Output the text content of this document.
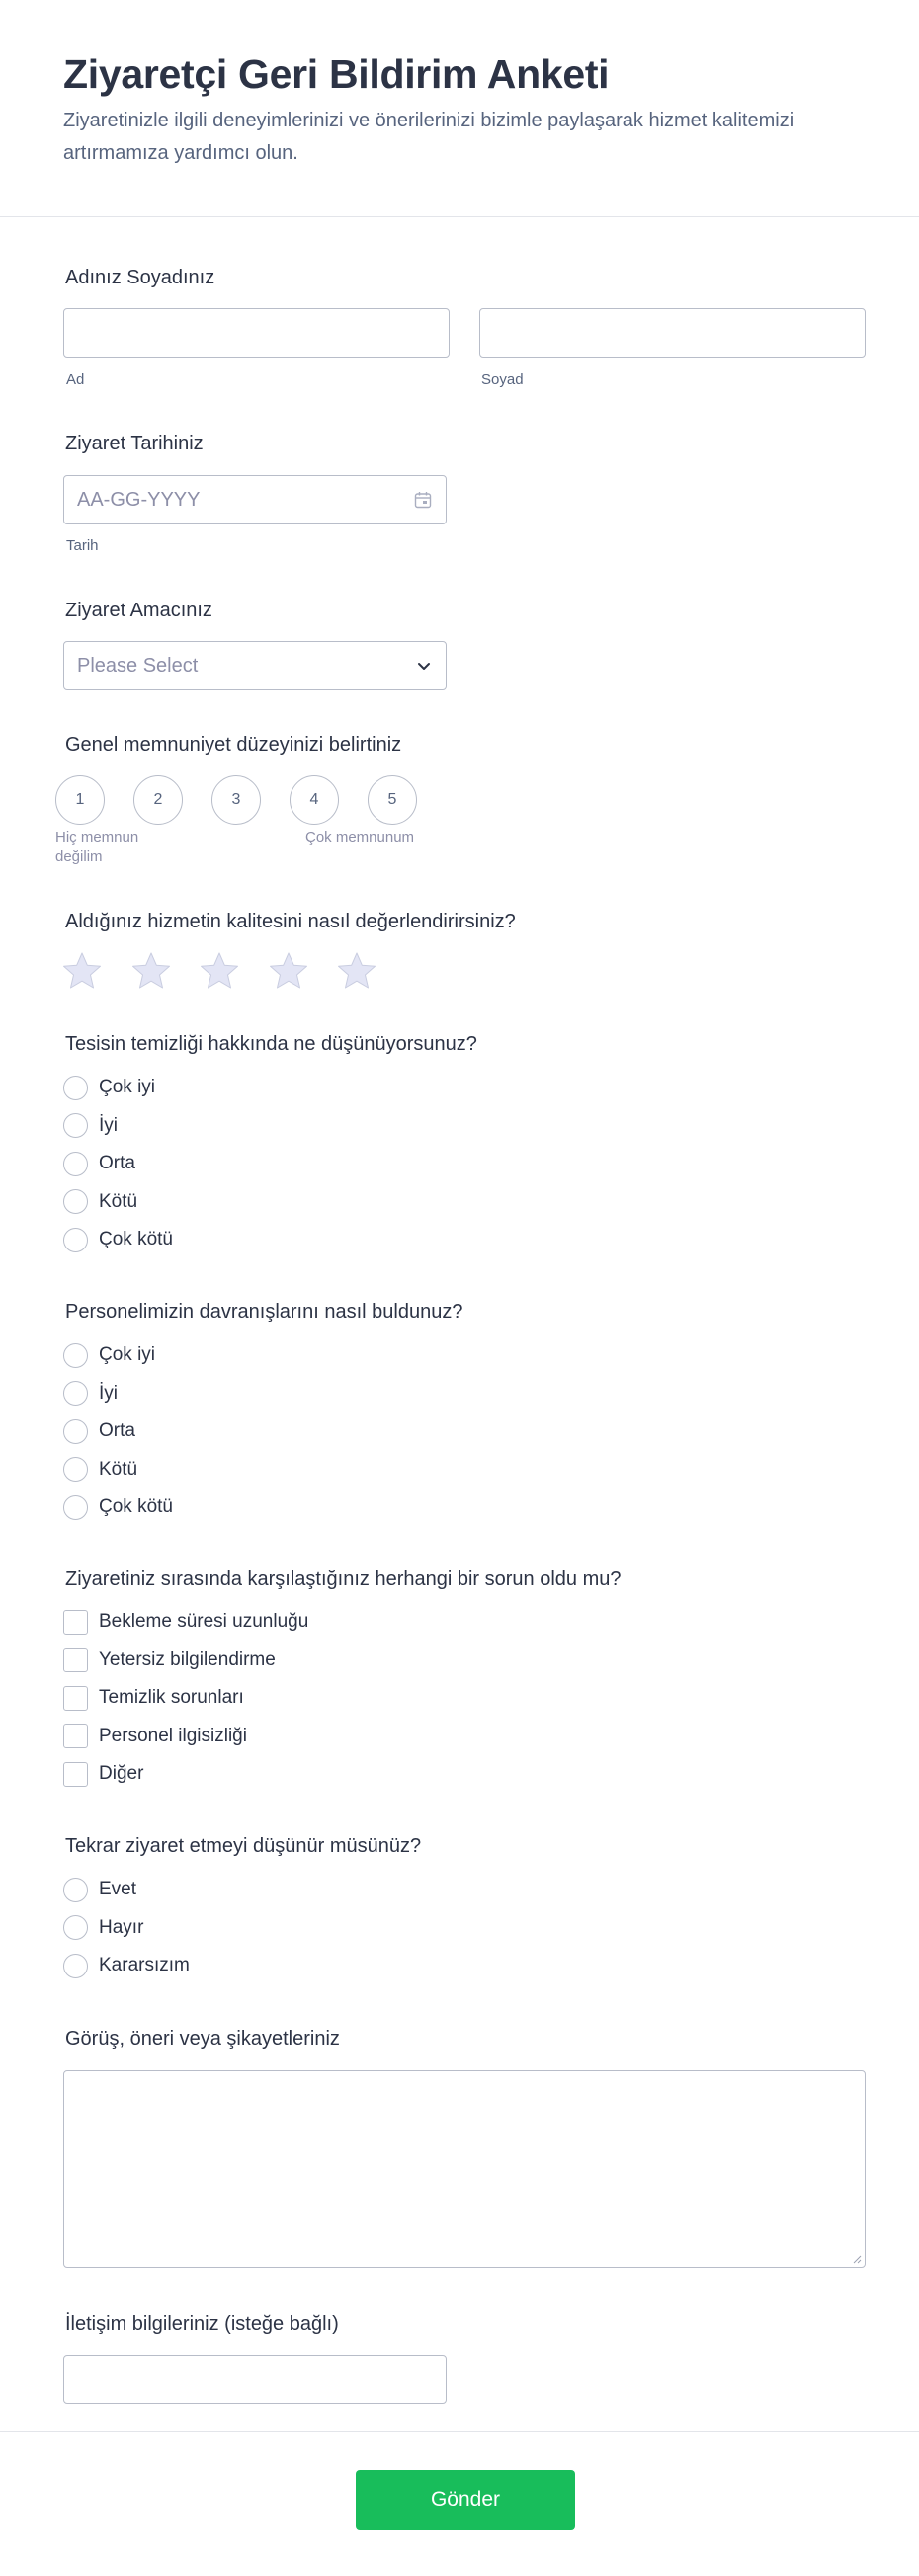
Ziyaretçi Geri Bildirim Anketi

Ziyaretinizle ilgili deneyimlerinizi ve önerilerinizi bizimle paylaşarak hizmet kalitemizi artırmamıza yardımcı olun.

Adınız Soyadınız
Ad	Soyad
Ziyaret Tarihiniz
AA-GG-YYYY
Tarih
Ziyaret Amacınız
Please Select
Genel memnuniyet düzeyinizi belirtiniz
1	2	3	4	5
Hiç memnun değilim
Çok memnunum
Aldığınız hizmetin kalitesini nasıl değerlendirirsiniz?
Tesisin temizliği hakkında ne düşünüyorsunuz?
Çok iyi
İyi
Orta
Kötü
Çok kötü
Personelimizin davranışlarını nasıl buldunuz?
Çok iyi
İyi
Orta
Kötü
Çok kötü
Ziyaretiniz sırasında karşılaştığınız herhangi bir sorun oldu mu?
Bekleme süresi uzunluğu
Yetersiz bilgilendirme
Temizlik sorunları
Personel ilgisizliği
Diğer
Tekrar ziyaret etmeyi düşünür müsünüz?
Evet
Hayır
Kararsızım
Görüş, öneri veya şikayetleriniz
İletişim bilgileriniz (isteğe bağlı)
Gönder
